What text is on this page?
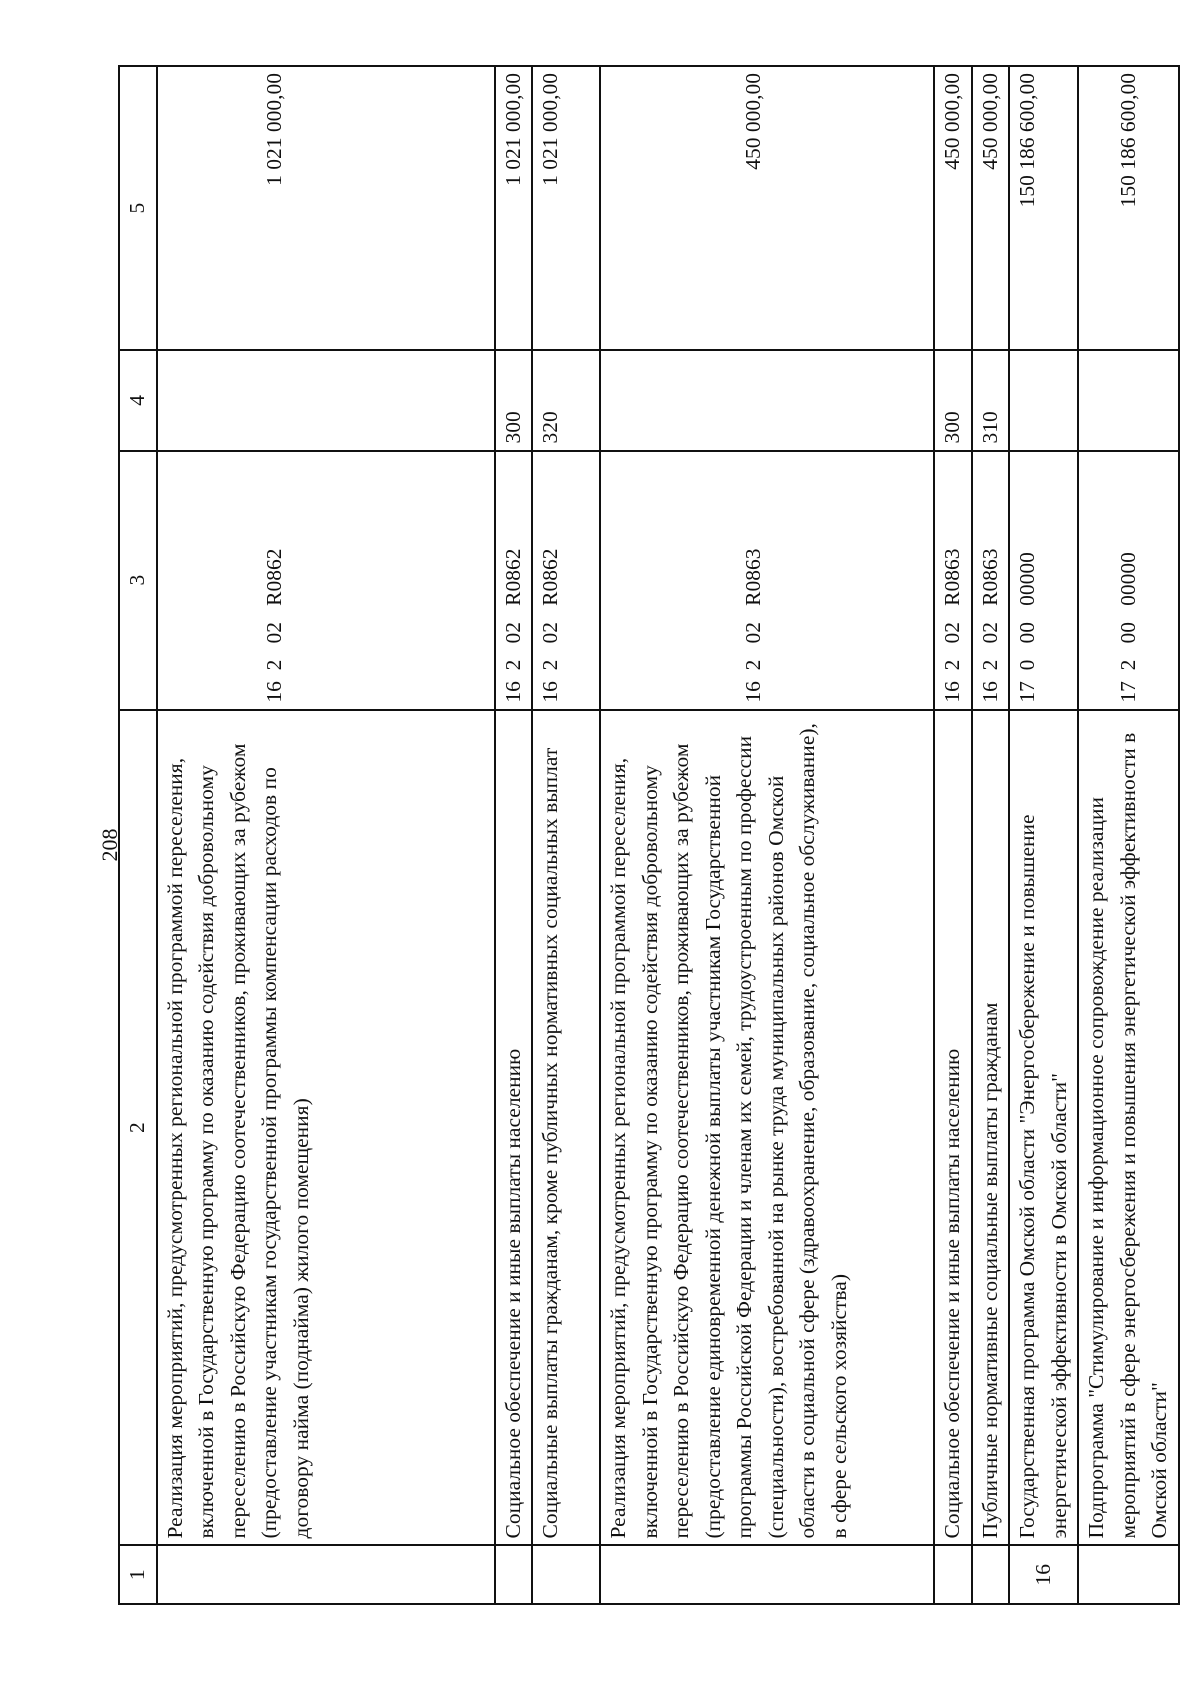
208
1	2	3	4	5
	Реализация мероприятий, предусмотренных региональной программой переселения, включенной в Государственную программу по оказанию содействия добровольному переселению в Российскую Федерацию соотечественников, проживающих за рубежом (предоставление участникам государственной программы компенсации расходов по договору найма (поднайма) жилого помещения)	16  2   02   R0862		1 021 000,00
	Социальное обеспечение и иные выплаты населению	16  2   02   R0862	300	1 021 000,00
	Социальные выплаты гражданам, кроме публичных нормативных социальных выплат	16  2   02   R0862	320	1 021 000,00
	Реализация мероприятий, предусмотренных региональной программой переселения, включенной в Государственную программу по оказанию содействия добровольному переселению в Российскую Федерацию соотечественников, проживающих за рубежом (предоставление единовременной денежной выплаты участникам Государственной программы Российской Федерации и членам их семей, трудоустроенным по профессии (специальности), востребованной на рынке труда муниципальных районов Омской области в социальной сфере (здравоохранение, образование, социальное обслуживание), в сфере сельского хозяйства)	16  2   02   R0863		450 000,00
	Социальное обеспечение и иные выплаты населению	16  2   02   R0863	300	450 000,00
	Публичные нормативные социальные выплаты гражданам	16  2   02   R0863	310	450 000,00
16	Государственная программа Омской области "Энергосбережение и повышение энергетической эффективности в Омской области"	17  0   00   00000		150 186 600,00
	Подпрограмма "Стимулирование и информационное сопровождение реализации мероприятий в сфере энергосбережения и повышения энергетической эффективности в Омской области"	17  2   00   00000		150 186 600,00
